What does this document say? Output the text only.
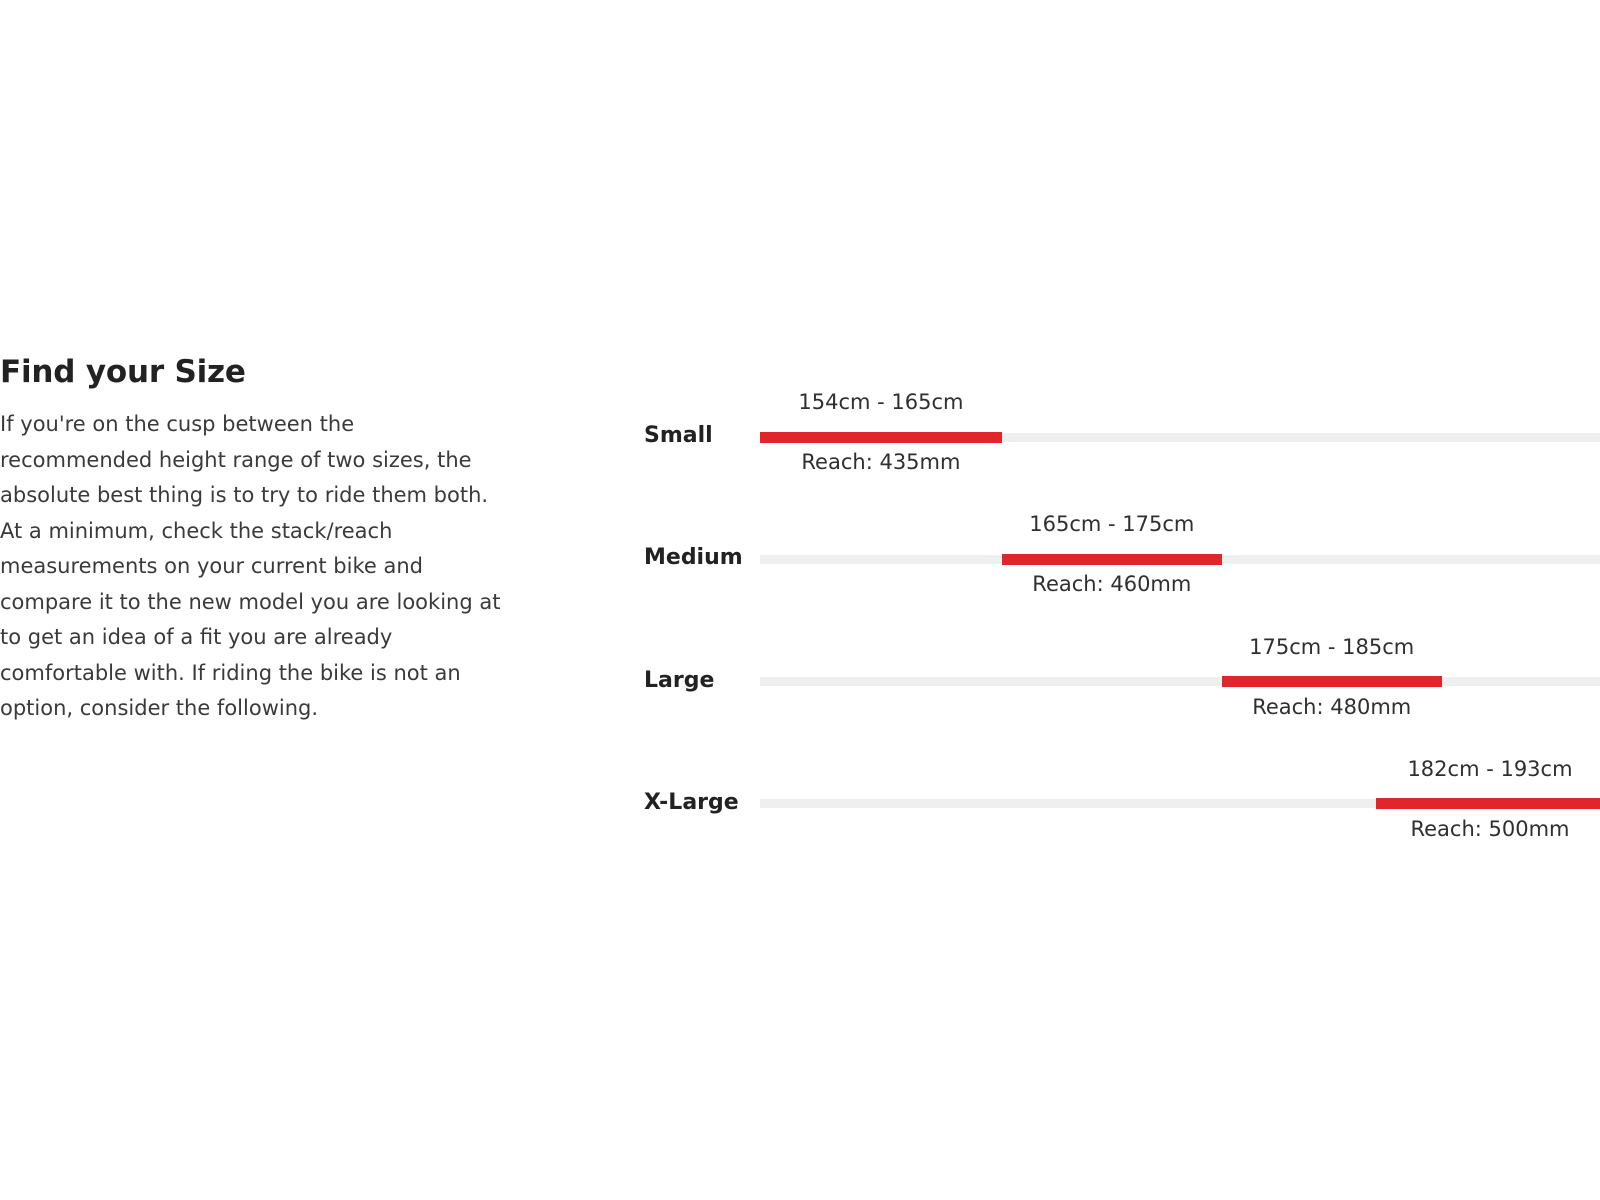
Find your Size

If you're on the cusp between the recommended height range of two sizes, the absolute best thing is to try to ride them both. At a minimum, check the stack/reach measurements on your current bike and compare it to the new model you are looking at to get an idea of a fit you are already comfortable with. If riding the bike is not an option, consider the following.

Small
154cm - 165cm
Reach: 435mm
Medium
165cm - 175cm
Reach: 460mm
Large
175cm - 185cm
Reach: 480mm
X-Large
182cm - 193cm
Reach: 500mm
